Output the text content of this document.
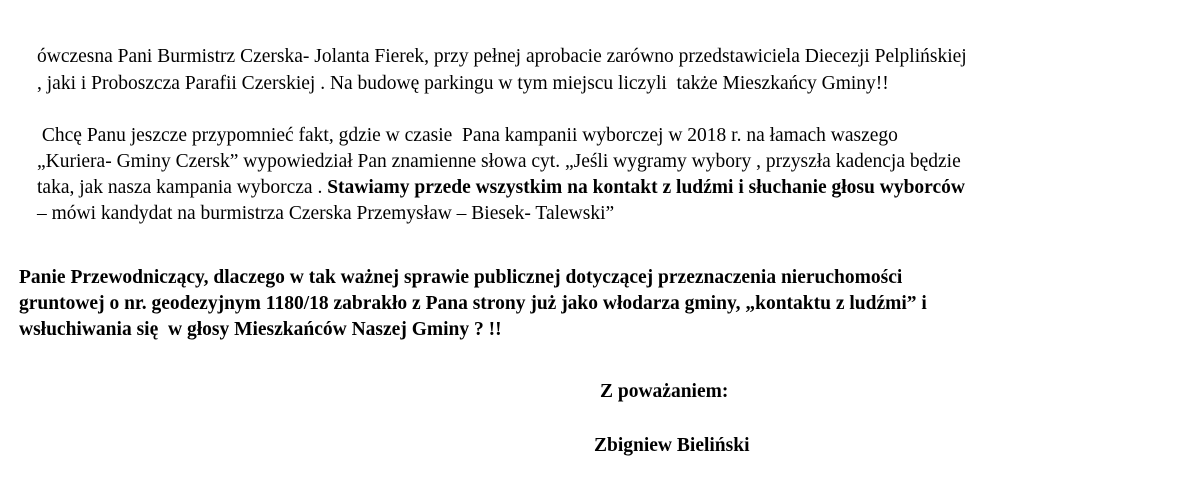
ówczesna Pani Burmistrz Czerska- Jolanta Fierek, przy pełnej aprobacie zarówno przedstawiciela Diecezji Pelplińskiej
, jaki i Proboszcza Parafii Czerskiej . Na budowę parkingu w tym miejscu liczyli  także Mieszkańcy Gminy!!
Chcę Panu jeszcze przypomnieć fakt, gdzie w czasie  Pana kampanii wyborczej w 2018 r. na łamach waszego
„Kuriera- Gminy Czersk” wypowiedział Pan znamienne słowa cyt. „Jeśli wygramy wybory , przyszła kadencja będzie
taka, jak nasza kampania wyborcza . Stawiamy przede wszystkim na kontakt z ludźmi i słuchanie głosu wyborców
– mówi kandydat na burmistrza Czerska Przemysław – Biesek- Talewski”
Panie Przewodniczący, dlaczego w tak ważnej sprawie publicznej dotyczącej przeznaczenia nieruchomości
gruntowej o nr. geodezyjnym 1180/18 zabrakło z Pana strony już jako włodarza gminy, „kontaktu z ludźmi” i
wsłuchiwania się  w głosy Mieszkańców Naszej Gminy ? !!
Z poważaniem:
Zbigniew Bieliński
